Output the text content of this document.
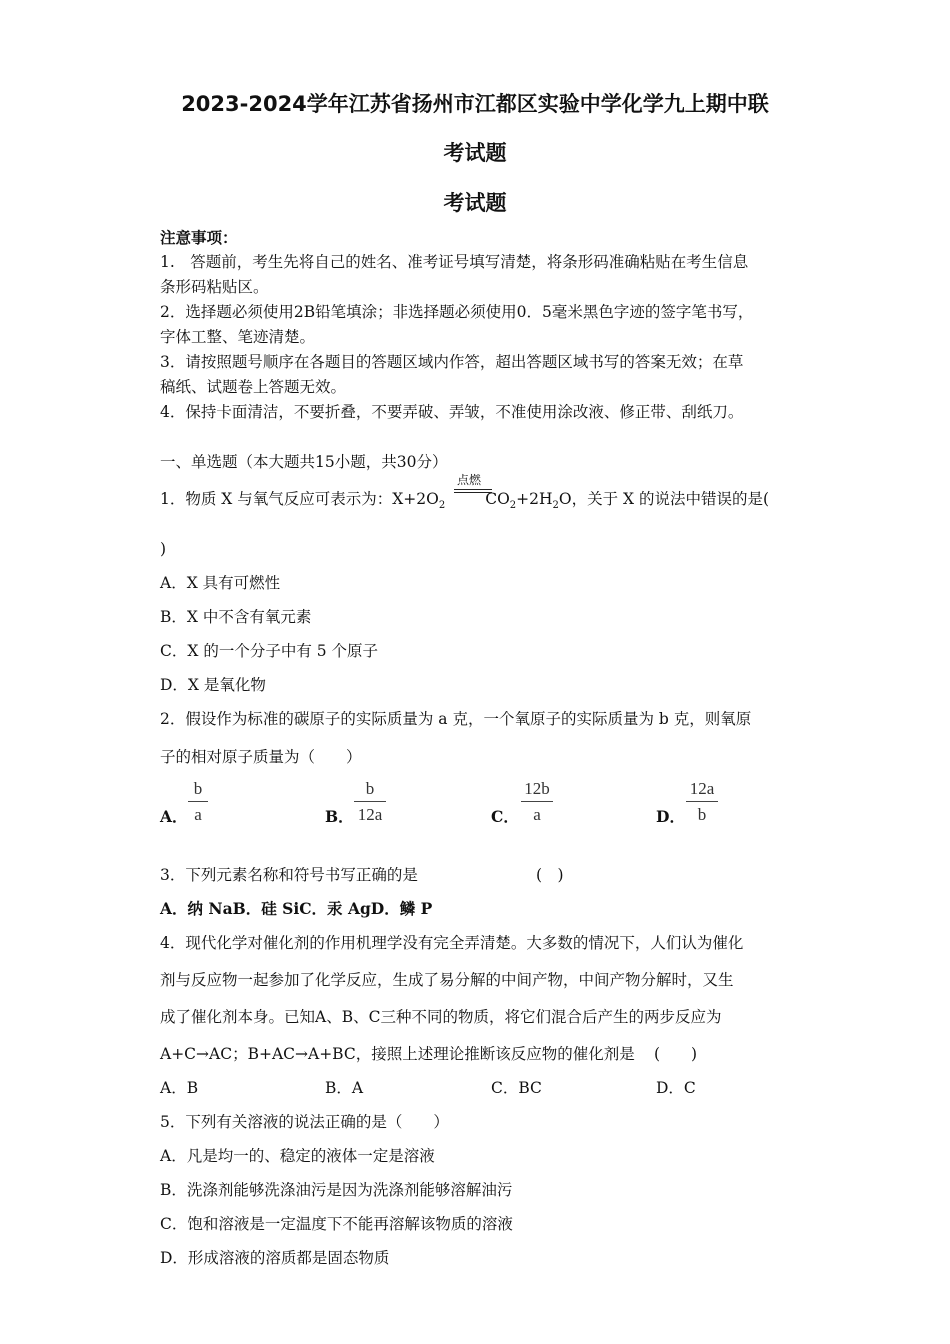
2023-2024学年江苏省扬州市江都区实验中学化学九上期中联
考试题
考试题
注意事项：
1.　答题前，考生先将自己的姓名、准考证号填写清楚，将条形码准确粘贴在考生信息
条形码粘贴区。
2．选择题必须使用2B铅笔填涂；非选择题必须使用0．5毫米黑色字迹的签字笔书写，
字体工整、笔迹清楚。
3．请按照题号顺序在各题目的答题区域内作答，超出答题区域书写的答案无效；在草
稿纸、试题卷上答题无效。
4．保持卡面清洁，不要折叠，不要弄破、弄皱，不准使用涂改液、修正带、刮纸刀。
一、单选题（本大题共15小题，共30分）
1．物质 X 与氧气反应可表示为：$X+2O_2$	$CO_2+2H_2O$，关于 X 的说法中错误的是(
点燃
)
A．X 具有可燃性
B．X 中不含有氧元素
C．X 的一个分子中有 5 个原子
D．X 是氧化物
2．假设作为标准的碳原子的实际质量为 a 克，一个氧原子的实际质量为 b 克，则氧原
子的相对原子质量为（　　）
A． $\frac{b}{a}$	B． $\frac{b}{12a}$	C． $\frac{12b}{a}$	D． $\frac{12a}{b}$
3．下列元素名称和符号书写正确的是	(　)
A．纳 NaB．硅 SiC．汞 AgD．鳞 P
4．现代化学对催化剂的作用机理学没有完全弄清楚。大多数的情况下，人们认为催化
剂与反应物一起参加了化学反应，生成了易分解的中间产物，中间产物分解时，又生
成了催化剂本身。已知A、B、C三种不同的物质，将它们混合后产生的两步反应为
A+C→AC；B+AC→A+BC，接照上述理论推断该反应物的催化剂是 (　　)
A．B	B．A	C．BC	D．C
5．下列有关溶液的说法正确的是（　　）
A．凡是均一的、稳定的液体一定是溶液
B．洗涤剂能够洗涤油污是因为洗涤剂能够溶解油污
C．饱和溶液是一定温度下不能再溶解该物质的溶液
D．形成溶液的溶质都是固态物质
